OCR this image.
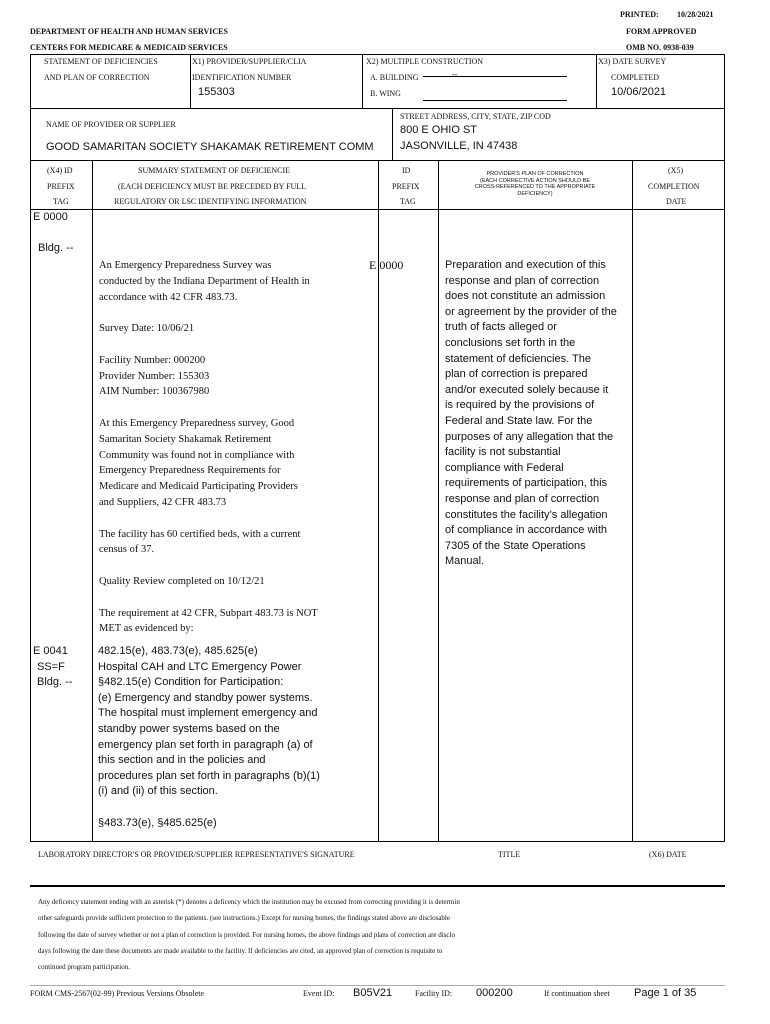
PRINTED: 10/28/2021
DEPARTMENT OF HEALTH AND HUMAN SERVICES	FORM APPROVED
CENTERS FOR MEDICARE & MEDICAID SERVICES	OMB NO. 0938-039
STATEMENT OF DEFICIENCIES
AND PLAN OF CORRECTION
X1) PROVIDER/SUPPLIER/CLIA
IDENTIFICATION NUMBER
155303
X2) MULTIPLE CONSTRUCTION
A. BUILDING	--
B. WING
X3) DATE SURVEY
COMPLETED
10/06/2021
NAME OF PROVIDER OR SUPPLIER
GOOD SAMARITAN SOCIETY SHAKAMAK RETIREMENT COMM
STREET ADDRESS, CITY, STATE, ZIP COD
800 E OHIO ST
JASONVILLE, IN 47438
(X4) ID
PREFIX
TAG
SUMMARY STATEMENT OF DEFICIENCIE
(EACH DEFICIENCY MUST BE PRECEDED BY FULL
REGULATORY OR LSC IDENTIFYING INFORMATION
ID
PREFIX
TAG
PROVIDER'S PLAN OF CORRECTION
(EACH CORRECTIVE ACTION SHOULD BE
CROSS-REFERENCED TO THE APPROPRIATE
DEFICIENCY)
(X5)
COMPLETION
DATE
E 0000
Bldg. --
An Emergency Preparedness Survey was
conducted by the Indiana Department of Health in
accordance with 42 CFR 483.73.
Survey Date: 10/06/21
Facility Number: 000200
Provider Number: 155303
AIM Number: 100367980
At this Emergency Preparedness survey, Good
Samaritan Society Shakamak Retirement
Community was found not in compliance with
Emergency Preparedness Requirements for
Medicare and Medicaid Participating Providers
and Suppliers, 42 CFR 483.73
The facility has 60 certified beds, with a current
census of 37.
Quality Review completed on 10/12/21
The requirement at 42 CFR, Subpart 483.73 is NOT
MET as evidenced by:
E 0000	Preparation and execution of this
response and plan of correction
does not constitute an admission
or agreement by the provider of the
truth of facts alleged or
conclusions set forth in the
statement of deficiencies. The
plan of correction is prepared
and/or executed solely because it
is required by the provisions of
Federal and State law. For the
purposes of any allegation that the
facility is not substantial
compliance with Federal
requirements of participation, this
response and plan of correction
constitutes the facility’s allegation
of compliance in accordance with
7305 of the State Operations
Manual.
E 0041
SS=F
Bldg. --
482.15(e), 483.73(e), 485.625(e)
Hospital CAH and LTC Emergency Power
§482.15(e) Condition for Participation:
(e) Emergency and standby power systems.
The hospital must implement emergency and
standby power systems based on the
emergency plan set forth in paragraph (a) of
this section and in the policies and
procedures plan set forth in paragraphs (b)(1)
(i) and (ii) of this section.
§483.73(e), §485.625(e)
LABORATORY DIRECTOR'S OR PROVIDER/SUPPLIER REPRESENTATIVE'S SIGNATURE	TITLE	(X6) DATE
Any deficency statement ending with an asterisk (*) denotes a deficency which the institution may be excused from correcting providing it is determin
other safeguards provide sufficient protection to the patients. (see instructions.) Except for nursing homes, the findings stated above are disclosable
following the date of survey whether or not a plan of correction is provided. For nursing homes, the above findings and plans of correction are disclo
days following the date these documents are made available to the facility. If deficiencies are cited, an approved plan of correction is requisite to
continued program participation.
FORM CMS-2567(02-99) Previous Versions Obsolete	Event ID: B05V21	Facility ID: 000200	If continuation sheet Page 1 of 35
